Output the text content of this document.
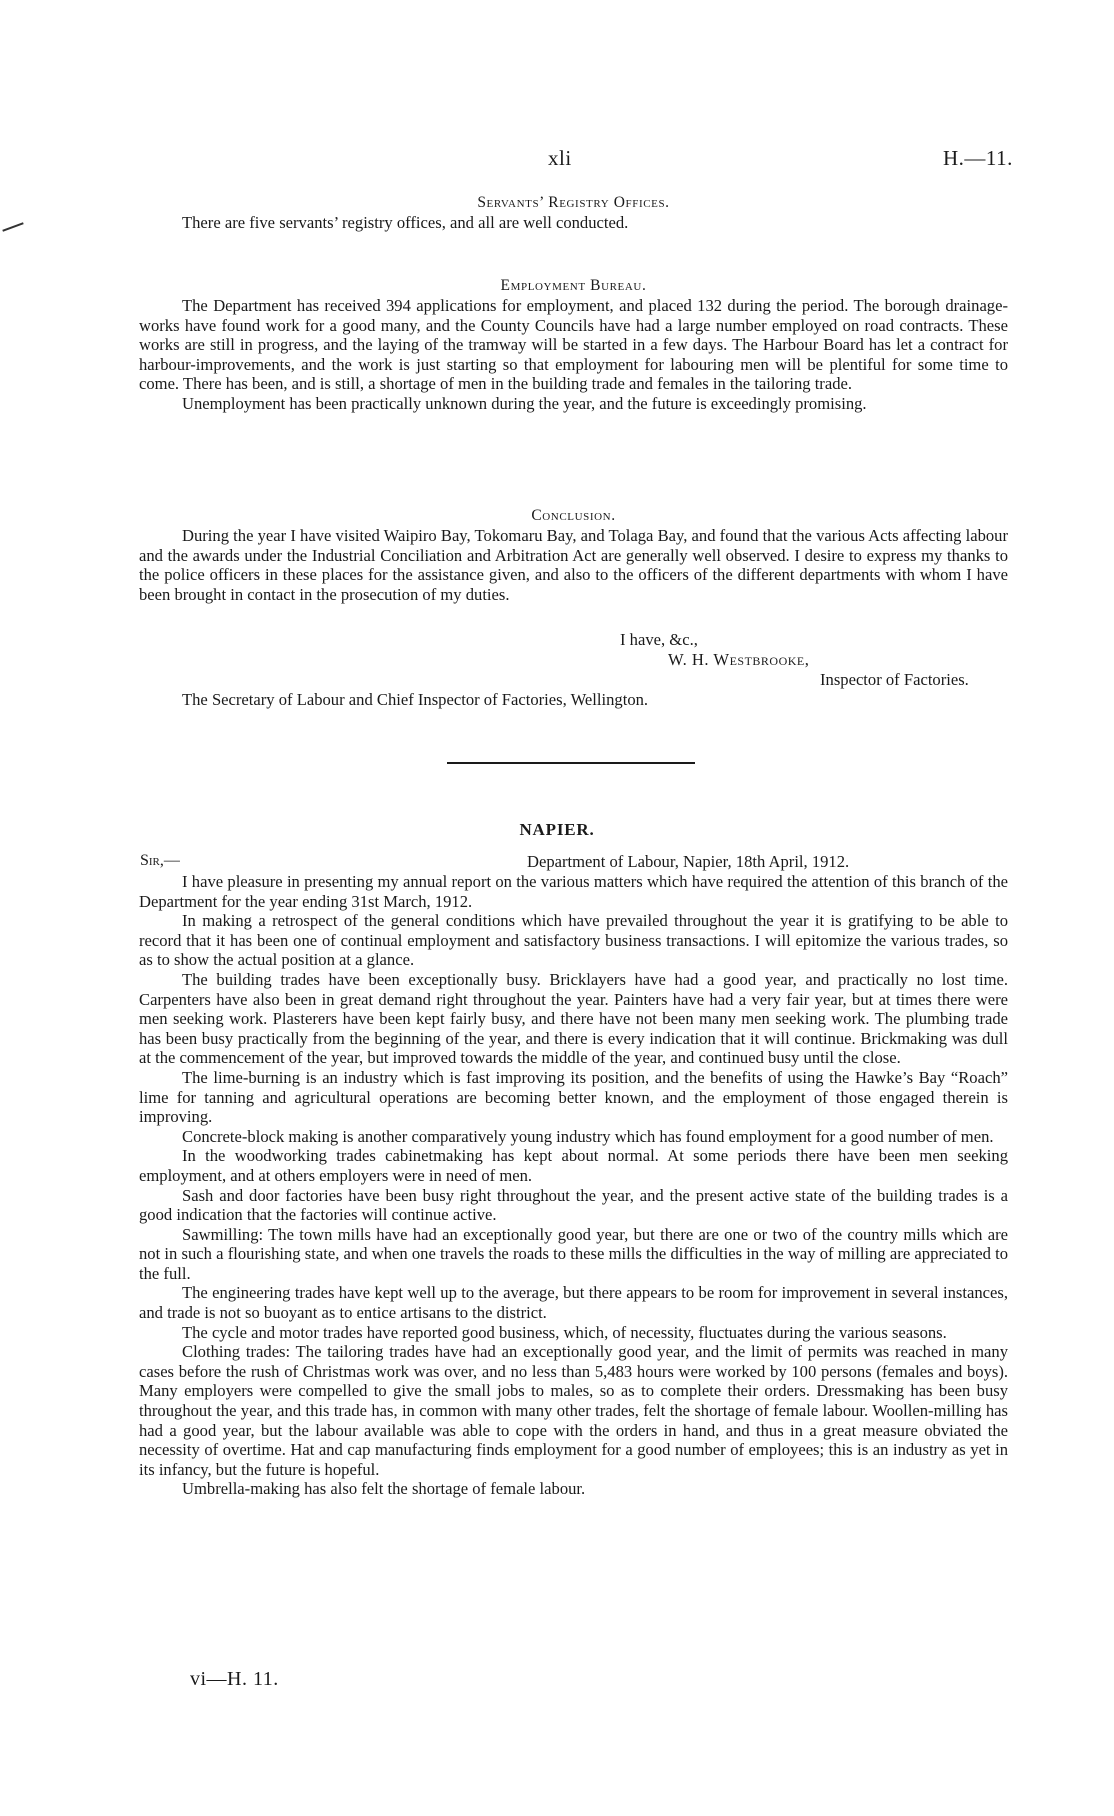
xli	H.—11.
Servants’ Registry Offices.

There are five servants’ registry offices, and all are well conducted.

Employment Bureau.

The Department has received 394 applications for employment, and placed 132 during the period. The borough drainage-works have found work for a good many, and the County Councils have had a large number employed on road contracts. These works are still in progress, and the laying of the tramway will be started in a few days. The Harbour Board has let a contract for harbour-improvements, and the work is just starting so that employment for labouring men will be plentiful for some time to come. There has been, and is still, a shortage of men in the building trade and females in the tailoring trade.

Unemployment has been practically unknown during the year, and the future is exceedingly promising.

Conclusion.

During the year I have visited Waipiro Bay, Tokomaru Bay, and Tolaga Bay, and found that the various Acts affecting labour and the awards under the Industrial Conciliation and Arbitration Act are generally well observed. I desire to express my thanks to the police officers in these places for the assistance given, and also to the officers of the different departments with whom I have been brought in contact in the prosecution of my duties.

I have, &c.,
W. H. Westbrooke,
Inspector of Factories.
The Secretary of Labour and Chief Inspector of Factories, Wellington.
NAPIER.
Sir,—	Department of Labour, Napier, 18th April, 1912.

I have pleasure in presenting my annual report on the various matters which have required the attention of this branch of the Department for the year ending 31st March, 1912.

In making a retrospect of the general conditions which have prevailed throughout the year it is gratifying to be able to record that it has been one of continual employment and satisfactory business transactions. I will epitomize the various trades, so as to show the actual position at a glance.

The building trades have been exceptionally busy. Bricklayers have had a good year, and practically no lost time. Carpenters have also been in great demand right throughout the year. Painters have had a very fair year, but at times there were men seeking work. Plasterers have been kept fairly busy, and there have not been many men seeking work. The plumbing trade has been busy practically from the beginning of the year, and there is every indication that it will continue. Brickmaking was dull at the commencement of the year, but improved towards the middle of the year, and continued busy until the close.

The lime-burning is an industry which is fast improving its position, and the benefits of using the Hawke’s Bay “Roach” lime for tanning and agricultural operations are becoming better known, and the employment of those engaged therein is improving.

Concrete-block making is another comparatively young industry which has found employment for a good number of men.

In the woodworking trades cabinetmaking has kept about normal. At some periods there have been men seeking employment, and at others employers were in need of men.

Sash and door factories have been busy right throughout the year, and the present active state of the building trades is a good indication that the factories will continue active.

Sawmilling: The town mills have had an exceptionally good year, but there are one or two of the country mills which are not in such a flourishing state, and when one travels the roads to these mills the difficulties in the way of milling are appreciated to the full.

The engineering trades have kept well up to the average, but there appears to be room for improvement in several instances, and trade is not so buoyant as to entice artisans to the district.

The cycle and motor trades have reported good business, which, of necessity, fluctuates during the various seasons.

Clothing trades: The tailoring trades have had an exceptionally good year, and the limit of permits was reached in many cases before the rush of Christmas work was over, and no less than 5,483 hours were worked by 100 persons (females and boys). Many employers were compelled to give the small jobs to males, so as to complete their orders. Dressmaking has been busy throughout the year, and this trade has, in common with many other trades, felt the shortage of female labour. Woollen-milling has had a good year, but the labour available was able to cope with the orders in hand, and thus in a great measure obviated the necessity of overtime. Hat and cap manufacturing finds employment for a good number of employees; this is an industry as yet in its infancy, but the future is hopeful.

Umbrella-making has also felt the shortage of female labour.

vi—H. 11.
